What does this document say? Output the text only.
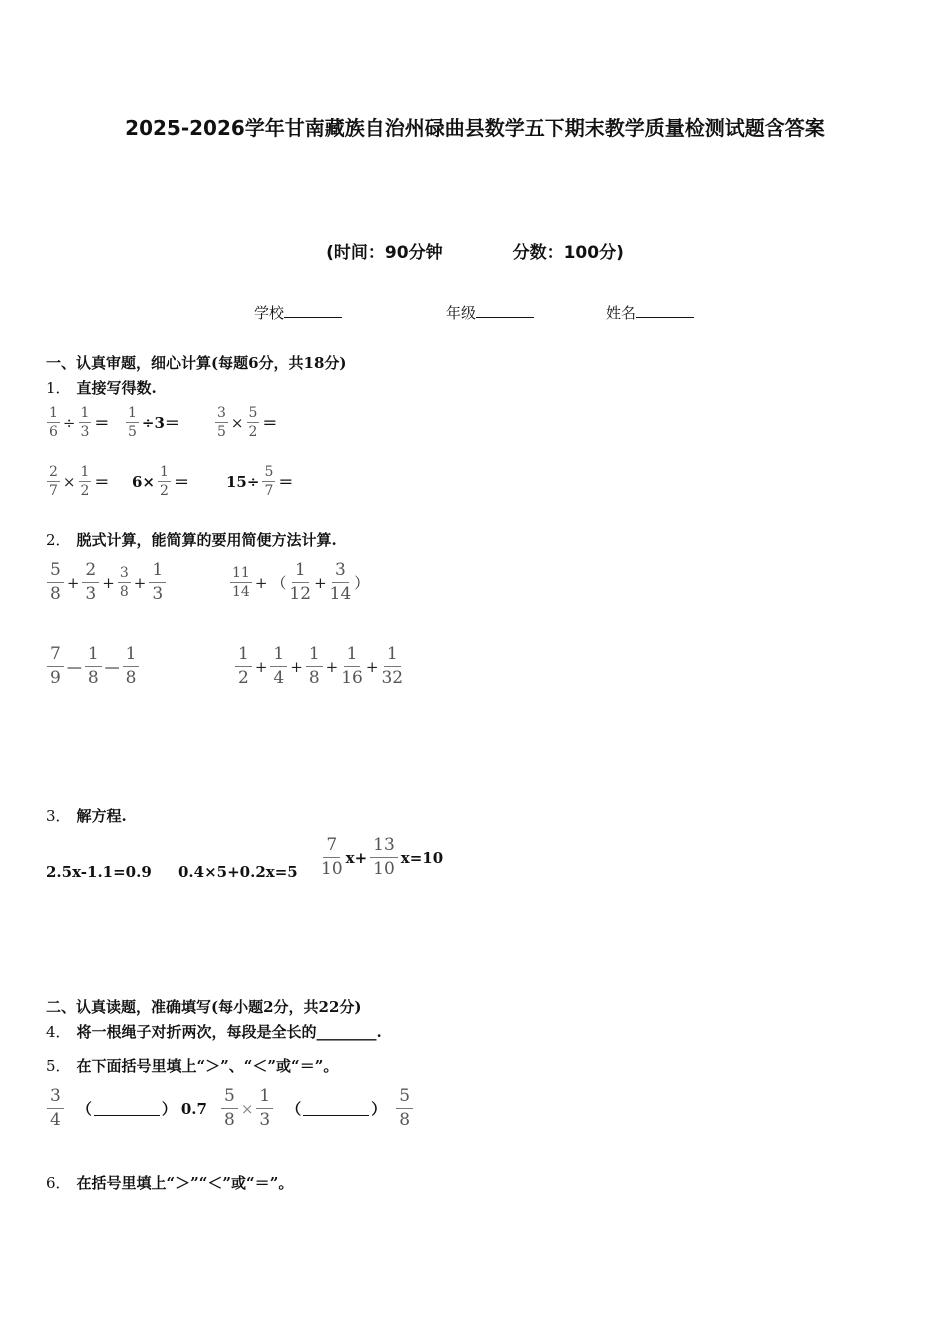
2025-2026学年甘南藏族自治州碌曲县数学五下期末教学质量检测试题含答案
(时间：90分钟	分数：100分)
学校	年级	姓名
一、认真审题，细心计算(每题6分，共18分)
1． 直接写得数.
$\frac{1}{6} \div \frac{1}{3} = \frac{1}{5} \div 3=$	$\frac{3}{5} \times \frac{5}{2}$ ＝
$\frac{2}{7} \times \frac{1}{2} = 6\times \frac{1}{2} = 15\div \frac{5}{7}$ ＝
2． 脱式计算，能简算的要用简便方法计算.
5
8
+ $\frac{2}{3} + \frac{3}{8} + \frac{1}{3}$	11
14
+ （
1
12
+ $\frac{3}{14}$ ）
7
9
—
1
8
—
1
8
1
2
+ $\frac{1}{4} + \frac{1}{8} + \frac{1}{16} + \frac{1}{32}$
3． 解方程.
2.5x-1.1=0.9 0.4×5+0.2x=5
7
10
$x+ \frac{13}{10} x=10$
二、认真读题，准确填写(每小题2分，共22分)
4． 将一根绳子对折两次，每段是全长的________.
5． 在下面括号里填上“＞”、“＜”或“＝”。
3
4
（	） $0.7 \frac{5}{8} \times \frac{1}{3}$ （	）
5
8
6． 在括号里填上“＞”“＜”或“＝”。
